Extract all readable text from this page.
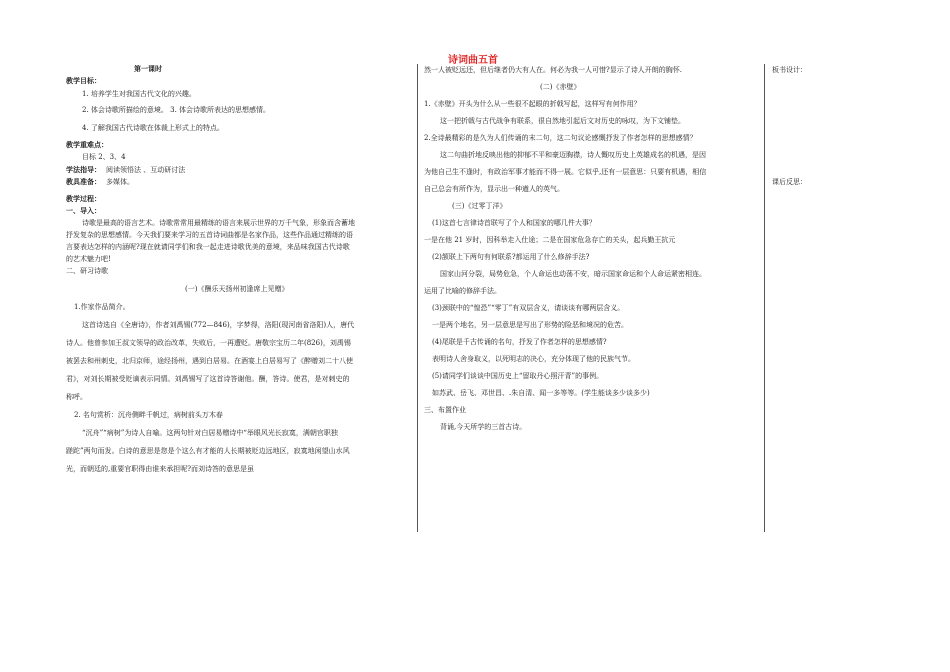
诗词曲五首
第一课时
教学目标：
1. 培养学生对我国古代文化的兴趣。
2. 体会诗歌所描绘的意境。 3. 体会诗歌所表达的思想感情。
4. 了解我国古代诗歌在体裁上形式上的特点。
教学重难点：
目标 2、3、4
学法指导： 阅读领悟法 、互动研讨法
教具准备： 多媒体。
教学过程：
一、导入：
诗歌是最高的语言艺术。诗歌常常用最精练的语言来展示世界的万千气象，形象而含蓄地
抒发复杂的思想感情。今天我们要来学习的五首诗词曲都是名家作品，这些作品通过精练的语
言要表达怎样的内涵呢?现在就请同学们和我一起走进诗歌优美的意境，来品味我国古代诗歌
的艺术魅力吧!
二、研习诗歌
(一)《酬乐天扬州初逢席上见赠》
1.作家作品简介。
这首诗选自《全唐诗》，作者刘禹锡(772—846)，字梦得，洛阳(现河南省洛阳)人，唐代
诗人。他曾参加王叔文领导的政治改革，失败后，一再遭贬。唐敬宗宝历二年(826)，刘禹锡
被罢去和州刺史，北归京师，途经扬州，遇到白居易。在酒宴上白居易写了《醉赠刘二十八使
君》，对刘长期被受贬谪表示同情。刘禹锡写了这首诗答谢他。酬，答诗。使君，是对刺史的
称呼。
2. 名句赏析：沉舟侧畔千帆过，病树前头万木春
“沉舟”“病树”为诗人自喻。这两句针对白居易赠诗中“举眼风光长寂寞，满朝官职独
蹉跎”两句而发。白诗的意思是您是个这么有才能的人长期被贬边远地区，寂寞地闲望山水风
光，而朝廷的,重要官职得由谁来承担呢?而刘诗答的意思是虽
然一人被贬远还，但后继者仍大有人在。何必为我一人可惜?显示了诗人开朗的胸怀.
(二)《赤壁》
1.《赤壁》开头为什么从一些很不起眼的折戟写起，这样写有何作用？
这一把折戟与古代战争有联系，很自然地引起后文对历史的咏叹，为下文铺垫。
2.全诗最精彩的是久为人们传诵的末二句，这二句议论感慨抒发了作者怎样的思想感情？
这二句曲折地反映出他的抑郁不平和豪迈胸襟，诗人慨叹历史上英雄成名的机遇，是因
为他自己生不逢时，有政治军事才能而不得一展。它似乎,还有一层意思：只要有机遇，相信
自己总会有所作为，显示出一种遒人的英气。
(三)《过零丁洋》
(1)这首七言律诗首联写了个人和国家的哪几件大事？
一是在他 21 岁时，因科举走入仕途；二是在国家危急存亡的关头，起兵勤王抗元
(2)颔联上下两句有何联系?都运用了什么修辞手法?
国家山河分裂，局势危急，个人命运也动荡不安，暗示国家命运和个人命运紧密相连。
运用了比喻的修辞手法。
(3)颈联中的“惶恐”“零丁”有双层含义，请谈谈有哪两层含义。
一是两个地名，另一层意思是写出了形势的险恶和境况的危苦。
(4)尾联是千古传诵的名句，抒发了作者怎样的思想感情?
表明诗人舍身取义，以死明志的决心，充分体现了他的民族气节。
(5)请同学们谈谈中国历史上“留取丹心照汗青”的事例。
如苏武、岳飞、邓世昌、.朱自清、闻一多等等。(学生能谈多少谈多少)
三、布置作业
背诵,今天所学的三首古诗。
板书设计：
课后反思：
